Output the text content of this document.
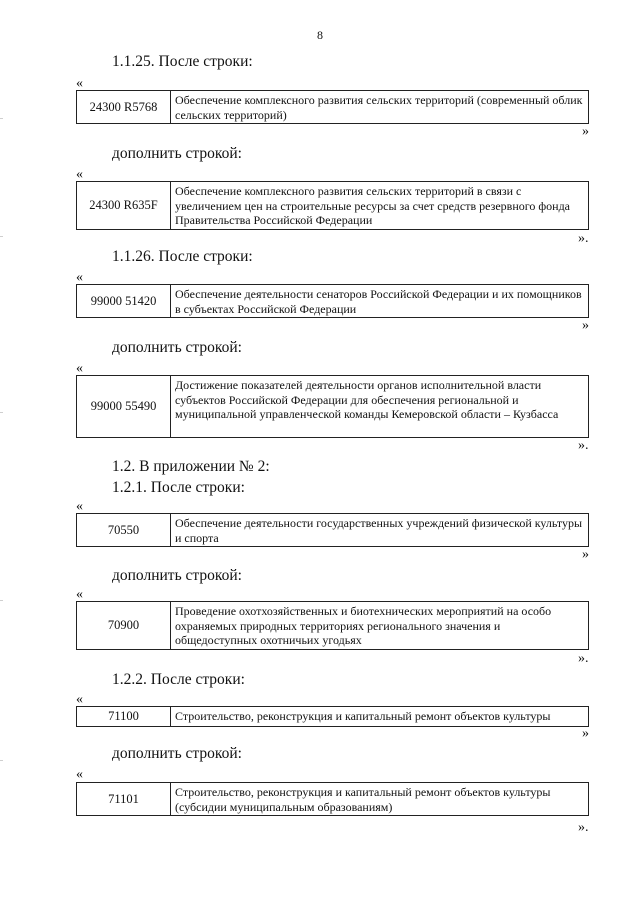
8
1.1.25. После строки:
«
24300 R5768	Обеспечение комплексного развития сельских территорий (современный облик сельских территорий)
»
дополнить строкой:
«
24300 R635F
Обеспечение комплексного развития сельских территорий в связи с увеличением цен на строительные ресурсы за счет средств резервного фонда Правительства Российской Федерации
».
1.1.26. После строки:
«
99000 51420	Обеспечение деятельности сенаторов Российской Федерации и их помощников в субъектах Российской Федерации
»
дополнить строкой:
«
99000 55490
Достижение показателей деятельности органов исполнительной власти субъектов Российской Федерации для обеспечения региональной и муниципальной управленческой команды Кемеровской области – Кузбасса
».
1.2. В приложении № 2:
1.2.1. После строки:
«
70550	Обеспечение деятельности государственных учреждений физической культуры и спорта
»
дополнить строкой:
«
70900
Проведение охотхозяйственных и биотехнических мероприятий на особо охраняемых природных территориях регионального значения и общедоступных охотничьих угодьях
».
1.2.2. После строки:
«
71100	Строительство, реконструкция и капитальный ремонт объектов культуры
»
дополнить строкой:
«
71101	Строительство, реконструкция и капитальный ремонт объектов культуры (субсидии муниципальным образованиям)
».
